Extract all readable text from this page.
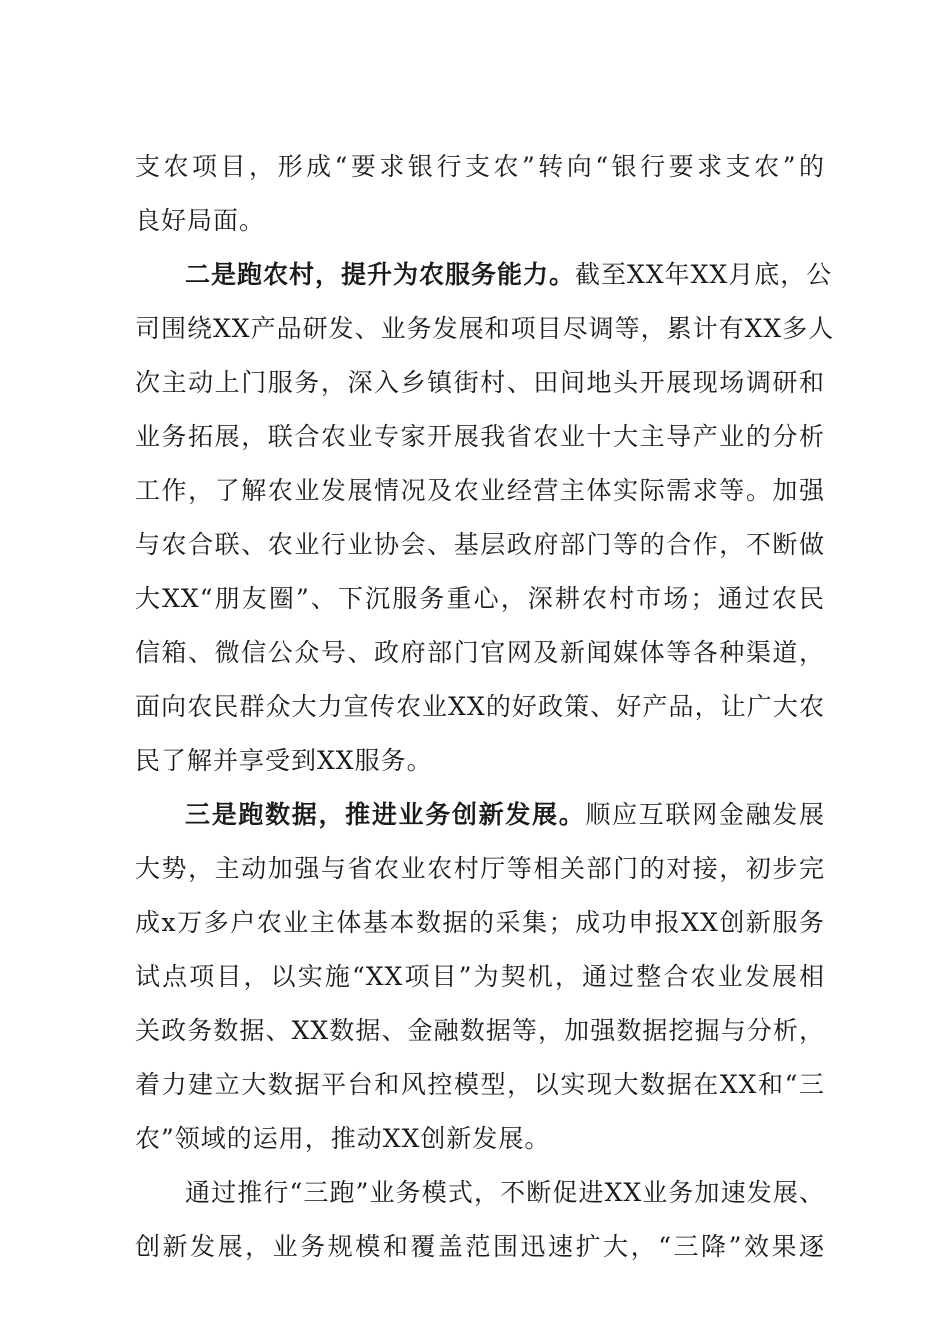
支农项目，形成“要求银行支农”转向“银行要求支农”的
良好局面。
二是跑农村，提升为农服务能力。截至XX年XX月底，公
司围绕XX产品研发、业务发展和项目尽调等，累计有XX多人
次主动上门服务，深入乡镇街村、田间地头开展现场调研和
业务拓展，联合农业专家开展我省农业十大主导产业的分析
工作，了解农业发展情况及农业经营主体实际需求等。加强
与农合联、农业行业协会、基层政府部门等的合作，不断做
大XX“朋友圈”、下沉服务重心，深耕农村市场；通过农民
信箱、微信公众号、政府部门官网及新闻媒体等各种渠道，
面向农民群众大力宣传农业XX的好政策、好产品，让广大农
民了解并享受到XX服务。
三是跑数据，推进业务创新发展。顺应互联网金融发展
大势，主动加强与省农业农村厅等相关部门的对接，初步完
成x万多户农业主体基本数据的采集；成功申报XX创新服务
试点项目，以实施“XX项目”为契机，通过整合农业发展相
关政务数据、XX数据、金融数据等，加强数据挖掘与分析，
着力建立大数据平台和风控模型，以实现大数据在XX和“三
农”领域的运用，推动XX创新发展。
通过推行“三跑”业务模式，不断促进XX业务加速发展、
创新发展，业务规模和覆盖范围迅速扩大，“三降”效果逐
